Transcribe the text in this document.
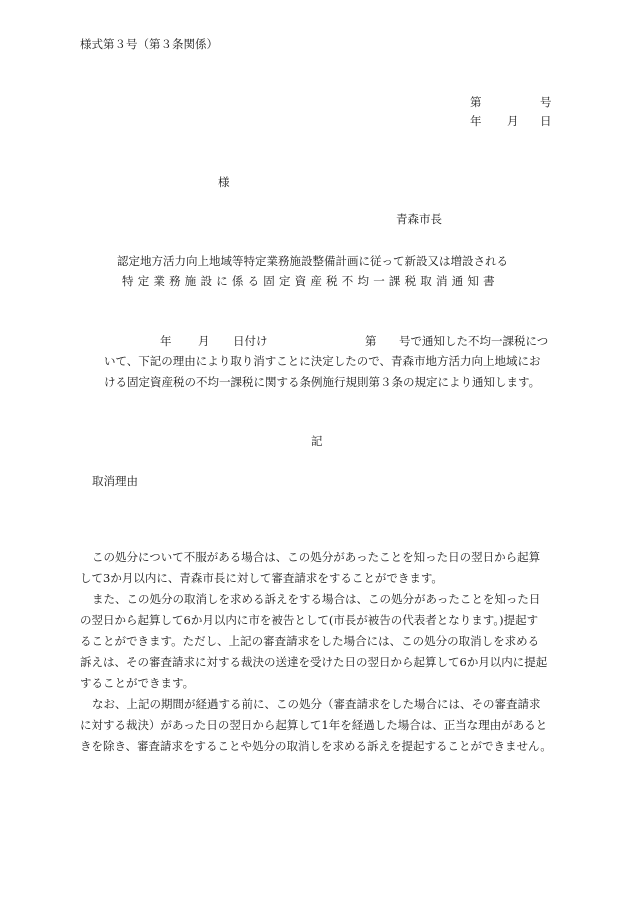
様式第３号（第３条関係）
第	号
年 月 日
様
青森市長
認定地方活力向上地域等特定業務施設整備計画に従って新設又は増設される
特定業務施設に係る固定資産税不均一課税取消通知書
年 月 日付け	第 号で通知した不均一課税につ
いて、下記の理由により取り消すことに決定したので、青森市地方活力向上地域にお
ける固定資産税の不均一課税に関する条例施行規則第３条の規定により通知します。
記
取消理由

この処分について不服がある場合は、この処分があったことを知った日の翌日から起算

して3か月以内に、青森市長に対して審査請求をすることができます。

また、この処分の取消しを求める訴えをする場合は、この処分があったことを知った日

の翌日から起算して6か月以内に市を被告として(市長が被告の代表者となります。)提起す

ることができます。ただし、上記の審査請求をした場合には、この処分の取消しを求める

訴えは、その審査請求に対する裁決の送達を受けた日の翌日から起算して6か月以内に提起

することができます。

なお、上記の期間が経過する前に、この処分（審査請求をした場合には、その審査請求

に対する裁決）があった日の翌日から起算して1年を経過した場合は、正当な理由があると

きを除き、審査請求をすることや処分の取消しを求める訴えを提起することができません。
